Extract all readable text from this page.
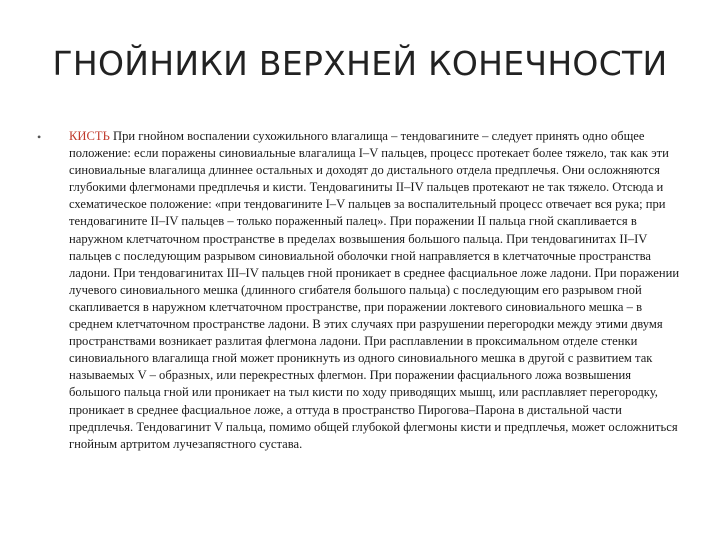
ГНОЙНИКИ ВЕРХНЕЙ КОНЕЧНОСТИ
• КИСТЬ При гнойном воспалении сухожильного влагалища – тендовагините – следует принять одно общее положение: если поражены синовиальные влагалища I–V пальцев, процесс протекает более тяжело, так как эти синовиальные влагалища длиннее остальных и доходят до дистального отдела предплечья. Они осложняются глубокими флегмонами предплечья и кисти. Тендовагиниты II–IV пальцев протекают не так тяжело. Отсюда и схематическое положение: «при тендовагините I–V пальцев за воспалительный процесс отвечает вся рука; при тендовагините II–IV пальцев – только пораженный палец». При поражении II пальца гной скапливается в наружном клетчаточном пространстве в пределах возвышения большого пальца. При тендовагинитах II–IV пальцев с последующим разрывом синовиальной оболочки гной направляется в клетчаточные пространства ладони. При тендовагинитах III–IV пальцев гной проникает в среднее фасциальное ложе ладони. При поражении лучевого синовиального мешка (длинного сгибателя большого пальца) с последующим его разрывом гной скапливается в наружном клетчаточном пространстве, при поражении локтевого синовиального мешка – в среднем клетчаточном пространстве ладони. В этих случаях при разрушении перегородки между этими двумя пространствами возникает разлитая флегмона ладони. При расплавлении в проксимальном отделе стенки синовиального влагалища гной может проникнуть из одного синовиального мешка в другой с развитием так называемых V – образных, или перекрестных флегмон. При поражении фасциального ложа возвышения большого пальца гной или проникает на тыл кисти по ходу приводящих мышц, или расплавляет перегородку, проникает в среднее фасциальное ложе, а оттуда в пространство Пирогова–Парона в дистальной части предплечья. Тендовагинит V пальца, помимо общей глубокой флегмоны кисти и предплечья, может осложниться гнойным артритом лучезапястного сустава.
